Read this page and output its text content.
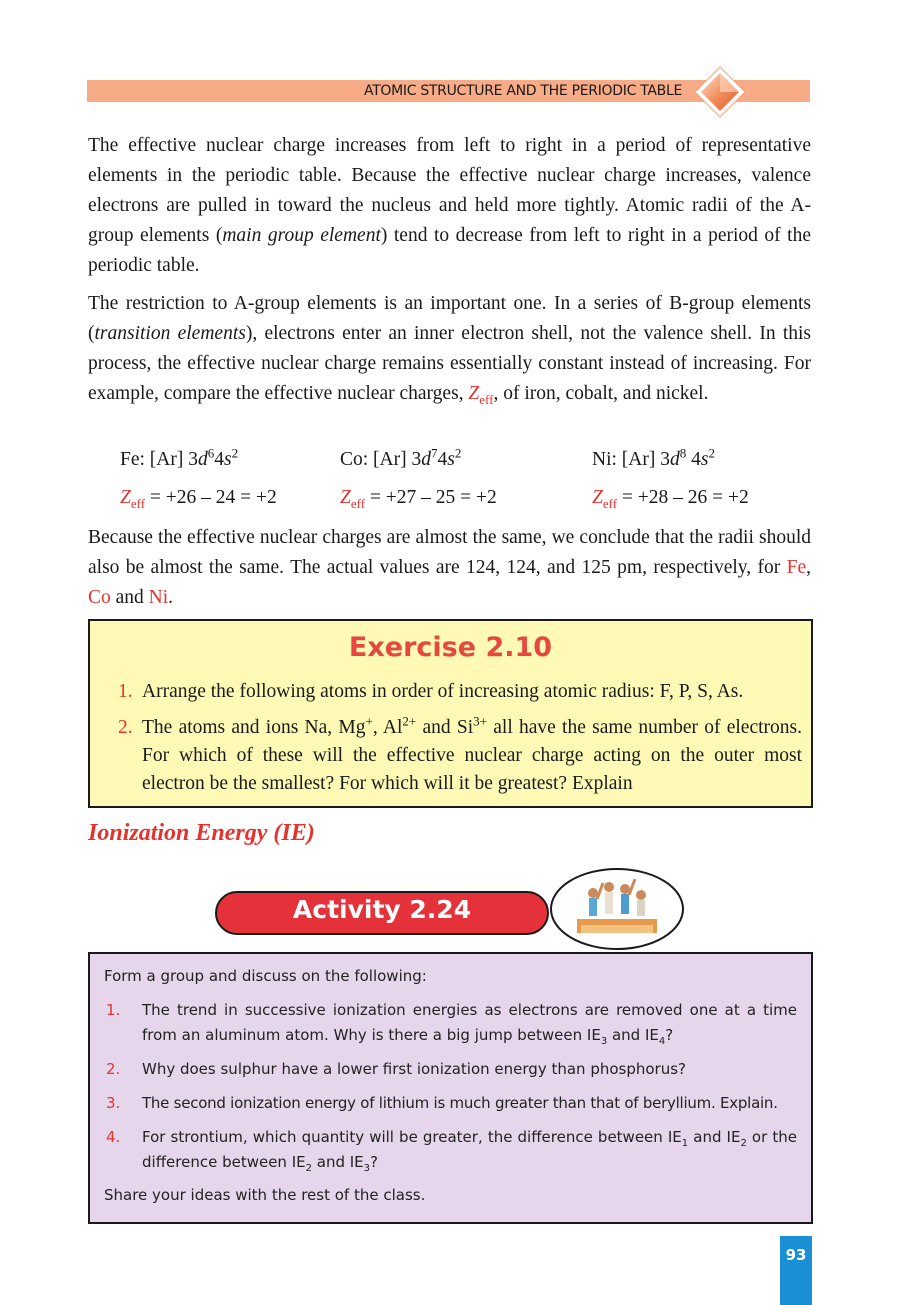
ATOMIC STRUCTURE AND THE PERIODIC TABLE

The effective nuclear charge increases from left to right in a period of representative elements in the periodic table. Because the effective nuclear charge increases, valence electrons are pulled in toward the nucleus and held more tightly. Atomic radii of the A-group elements (main group element) tend to decrease from left to right in a period of the periodic table.

The restriction to A-group elements is an important one. In a series of B-group elements (transition elements), electrons enter an inner electron shell, not the valence shell. In this process, the effective nuclear charge remains essentially constant instead of increasing. For example, compare the effective nuclear charges, $Z_{eff}$, of iron, cobalt, and nickel.

Fe: [Ar] $3d^64s^2$	Co: [Ar] $3d^74s^2$	Ni: [Ar] $3d^8$ $4s^2$
$Z_{eff} = +26 - 24 = +2$	$Z_{eff} = +27 - 25 = +2$	$Z_{eff} = +28 - 26 = +2$

Because the effective nuclear charges are almost the same, we conclude that the radii should also be almost the same. The actual values are 124, 124, and 125 pm, respectively, for Fe, Co and Ni.

Exercise 2.10
1. Arrange the following atoms in order of increasing atomic radius: F, P, S, As.
2. The atoms and ions Na, Mg+, $Al^{2+}$ and $Si^{3+}$ all have the same number of electrons. For which of these will the effective nuclear charge acting on the outer most electron be the smallest? For which will it be greatest? Explain
Ionization Energy (IE)
Activity 2.24
Form a group and discuss on the following:
1. The trend in successive ionization energies as electrons are removed one at a time from an aluminum atom. Why is there a big jump between $IE_3$ and $IE_4$?
2. Why does sulphur have a lower first ionization energy than phosphorus?
3. The second ionization energy of lithium is much greater than that of beryllium. Explain.
4. For strontium, which quantity will be greater, the difference between $IE_1$ and $IE_2$ or the difference between $IE_2$ and $IE_3$?
Share your ideas with the rest of the class.
93
